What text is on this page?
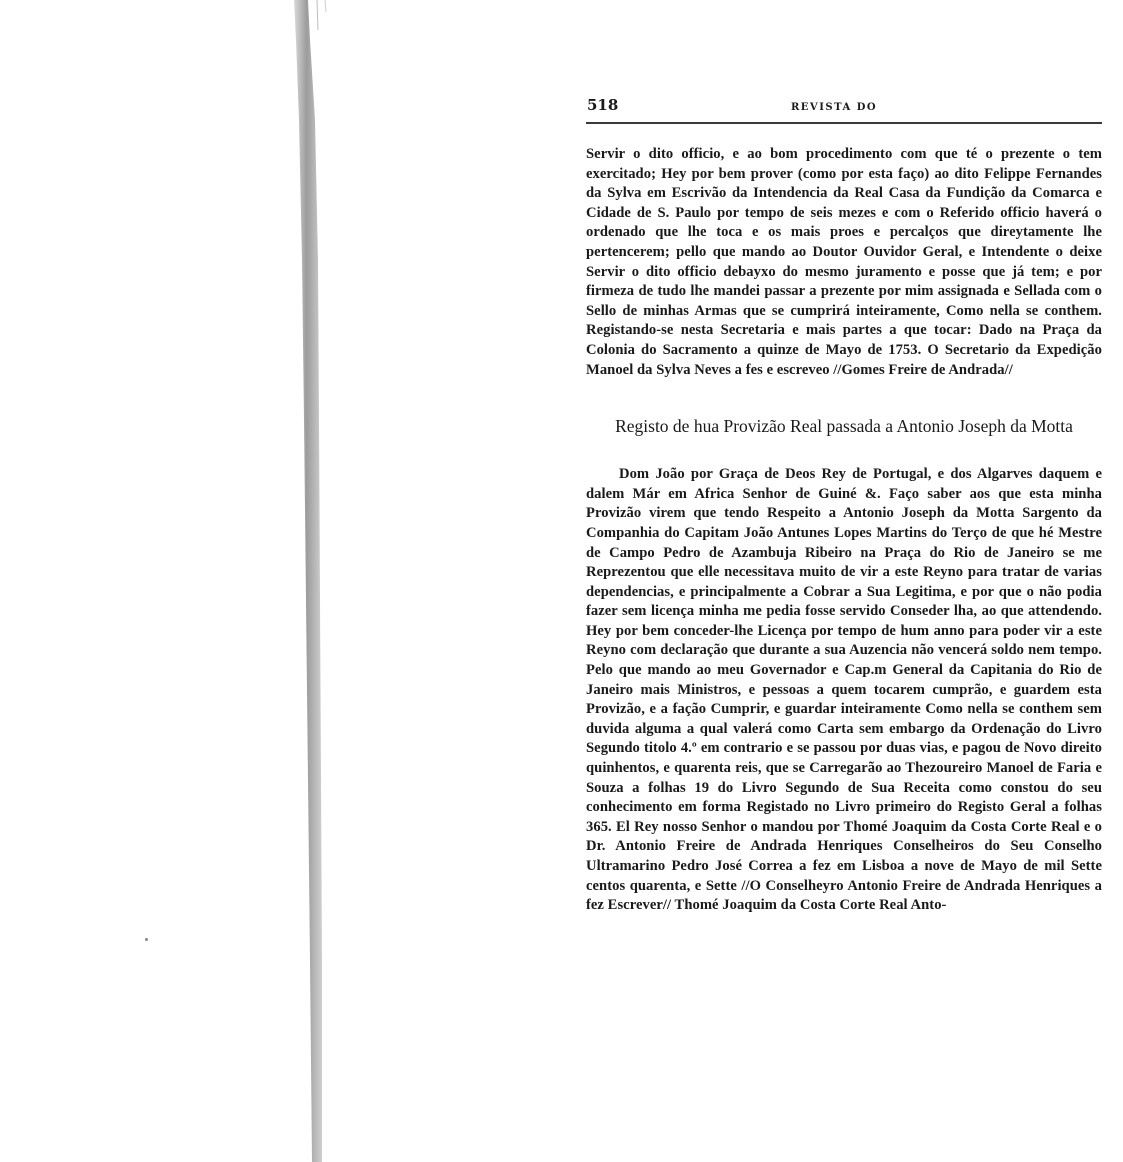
518	REVISTA DO

Servir o dito officio, e ao bom procedimento com que té o prezente o tem exercitado; Hey por bem prover (como por esta faço) ao dito Felippe Fernandes da Sylva em Escrivão da Intendencia da Real Casa da Fundição da Comarca e Cidade de S. Paulo por tempo de seis mezes e com o Referido officio haverá o ordenado que lhe toca e os mais proes e percalços que direytamente lhe pertencerem; pello que mando ao Doutor Ouvidor Geral, e Intendente o deixe Servir o dito officio debayxo do mesmo juramento e posse que já tem; e por firmeza de tudo lhe mandei passar a prezente por mim assignada e Sellada com o Sello de minhas Armas que se cumprirá inteiramente, Como nella se conthem. Registando-se nesta Secretaria e mais partes a que tocar: Dado na Praça da Colonia do Sacramento a quinze de Mayo de 1753. O Secretario da Expedição Manoel da Sylva Neves a fes e escreveo //Gomes Freire de Andrada//

Registo de hua Provizão Real passada a Antonio Joseph da Motta

Dom João por Graça de Deos Rey de Portugal, e dos Algarves daquem e dalem Már em Africa Senhor de Guiné &. Faço saber aos que esta minha Provizão virem que tendo Respeito a Antonio Joseph da Motta Sargento da Companhia do Capitam João Antunes Lopes Martins do Terço de que hé Mestre de Campo Pedro de Azambuja Ribeiro na Praça do Rio de Janeiro se me Reprezentou que elle necessitava muito de vir a este Reyno para tratar de varias dependencias, e principalmente a Cobrar a Sua Legitima, e por que o não podia fazer sem licença minha me pedia fosse servido Conseder lha, ao que attendendo. Hey por bem conceder-lhe Licença por tempo de hum anno para poder vir a este Reyno com declaração que durante a sua Auzencia não vencerá soldo nem tempo. Pelo que mando ao meu Governador e Cap.m General da Capitania do Rio de Janeiro mais Ministros, e pessoas a quem tocarem cumprão, e guardem esta Provizão, e a fação Cumprir, e guardar inteiramente Como nella se conthem sem duvida alguma a qual valerá como Carta sem embargo da Ordenação do Livro Segundo titolo 4.º em contrario e se passou por duas vias, e pagou de Novo direito quinhentos, e quarenta reis, que se Carregarão ao Thezoureiro Manoel de Faria e Souza a folhas 19 do Livro Segundo de Sua Receita como constou do seu conhecimento em forma Registado no Livro primeiro do Registo Geral a folhas 365. El Rey nosso Senhor o mandou por Thomé Joaquim da Costa Corte Real e o Dr. Antonio Freire de Andrada Henriques Conselheiros do Seu Conselho Ultramarino Pedro José Correa a fez em Lisboa a nove de Mayo de mil Sette centos quarenta, e Sette //O Conselheyro Antonio Freire de Andrada Henriques a fez Escrever// Thomé Joaquim da Costa Corte Real Anto-
